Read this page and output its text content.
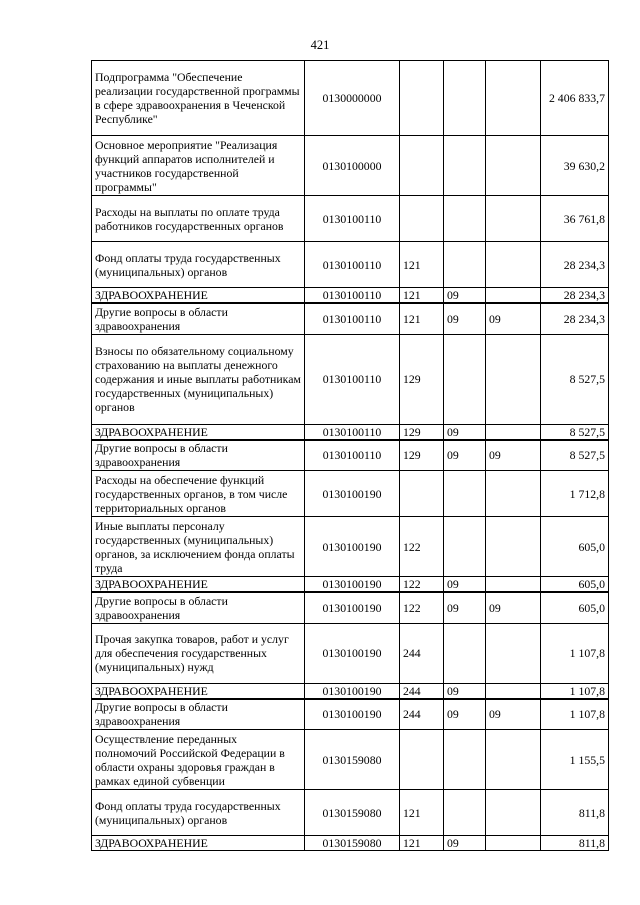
421
Подпрограмма "Обеспечение реализации государственной программы в сфере здравоохранения в Чеченской Республике"	0130000000				2 406 833,7
Основное мероприятие "Реализация функций аппаратов исполнителей и участников государственной программы"	0130100000				39 630,2
Расходы на выплаты по оплате труда работников государственных органов	0130100110				36 761,8
Фонд оплаты труда государственных (муниципальных) органов	0130100110	121			28 234,3
ЗДРАВООХРАНЕНИЕ	0130100110	121	09		28 234,3
Другие вопросы в области здравоохранения	0130100110	121	09	09	28 234,3
Взносы по обязательному социальному страхованию на выплаты денежного содержания и иные выплаты работникам государственных (муниципальных) органов	0130100110	129			8 527,5
ЗДРАВООХРАНЕНИЕ	0130100110	129	09		8 527,5
Другие вопросы в области здравоохранения	0130100110	129	09	09	8 527,5
Расходы на обеспечение функций государственных органов, в том числе территориальных органов	0130100190				1 712,8
Иные выплаты персоналу государственных (муниципальных) органов, за исключением фонда оплаты труда	0130100190	122			605,0
ЗДРАВООХРАНЕНИЕ	0130100190	122	09		605,0
Другие вопросы в области здравоохранения	0130100190	122	09	09	605,0
Прочая закупка товаров, работ и услуг для обеспечения государственных (муниципальных) нужд	0130100190	244			1 107,8
ЗДРАВООХРАНЕНИЕ	0130100190	244	09		1 107,8
Другие вопросы в области здравоохранения	0130100190	244	09	09	1 107,8
Осуществление переданных полномочий Российской Федерации в области охраны здоровья граждан в рамках единой субвенции	0130159080				1 155,5
Фонд оплаты труда государственных (муниципальных) органов	0130159080	121			811,8
ЗДРАВООХРАНЕНИЕ	0130159080	121	09		811,8
